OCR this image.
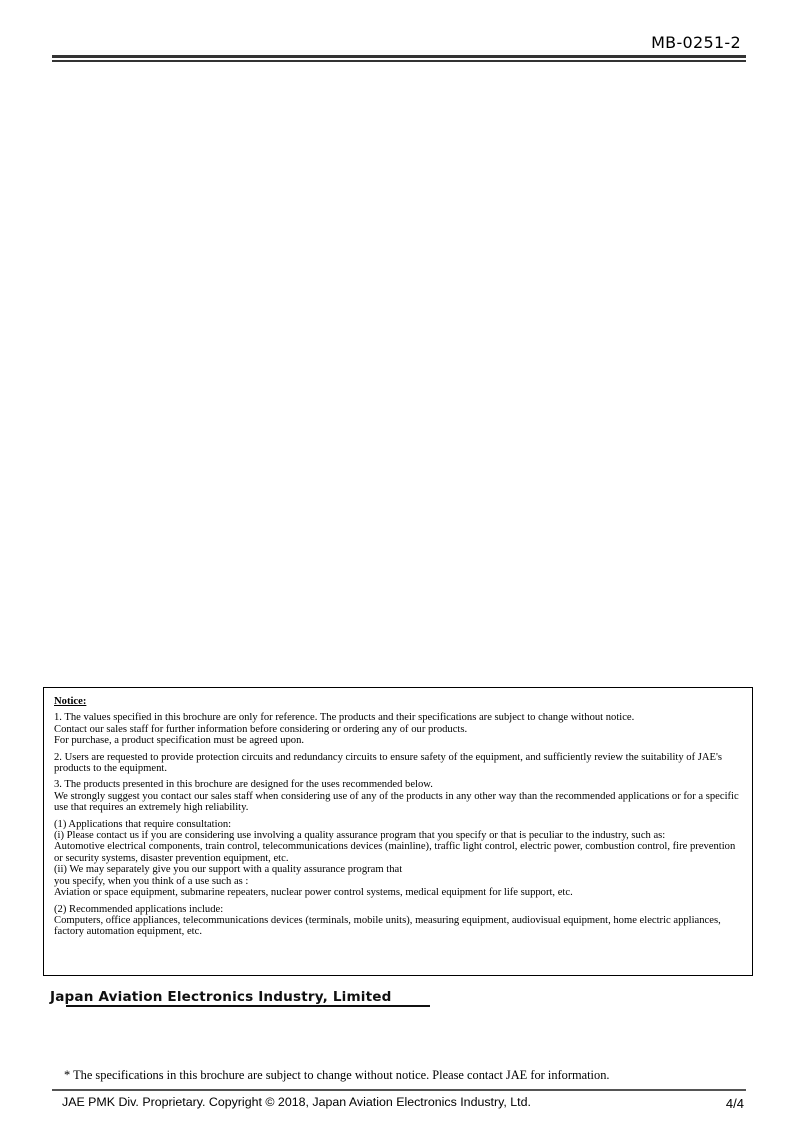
MB-0251-2
Notice:
1. The values specified in this brochure are only for reference. The products and their specifications are subject to change without notice.
Contact our sales staff for further information before considering or ordering any of our products.
For purchase, a product specification must be agreed upon.
2. Users are requested to provide protection circuits and redundancy circuits to ensure safety of the equipment, and sufficiently review the suitability of JAE's products to the equipment.
3. The products presented in this brochure are designed for the uses recommended below.
We strongly suggest you contact our sales staff when considering use of any of the products in any other way than the recommended applications or for a specific use that requires an extremely high reliability.
(1) Applications that require consultation:
(i) Please contact us if you are considering use involving a quality assurance program that you specify or that is peculiar to the industry, such as:
Automotive electrical components, train control, telecommunications devices (mainline), traffic light control, electric power, combustion control, fire prevention or security systems, disaster prevention equipment, etc.
(ii) We may separately give you our support with a quality assurance program that
you specify, when you think of a use such as :
Aviation or space equipment, submarine repeaters, nuclear power control systems, medical equipment for life support, etc.
(2) Recommended applications include:
Computers, office appliances, telecommunications devices (terminals, mobile units), measuring equipment, audiovisual equipment, home electric appliances, factory automation equipment, etc.
Japan Aviation Electronics Industry, Limited
* The specifications in this brochure are subject to change without notice. Please contact JAE for information.
JAE PMK Div. Proprietary. Copyright © 2018, Japan Aviation Electronics Industry, Ltd.	4/4
